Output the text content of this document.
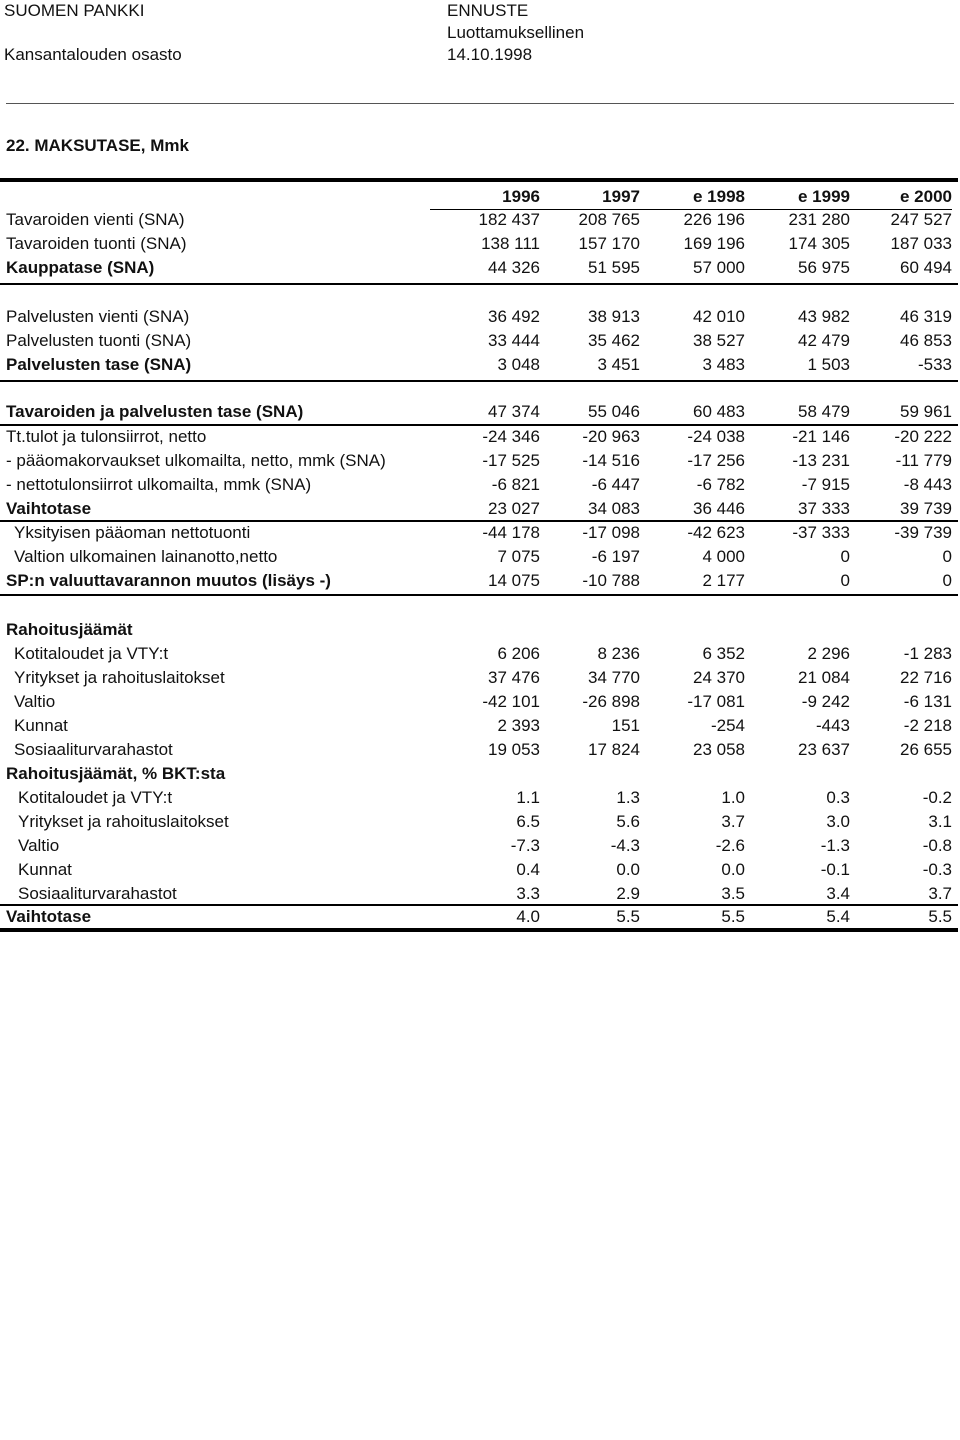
SUOMEN PANKKI
Kansantalouden osasto
ENNUSTE
Luottamuksellinen
14.10.1998
22. MAKSUTASE, Mmk
1996	1997	e 1998	e 1999	e 2000
Tavaroiden vienti (SNA)	182 437	208 765	226 196	231 280	247 527
Tavaroiden tuonti (SNA)	138 111	157 170	169 196	174 305	187 033
Kauppatase (SNA)	44 326	51 595	57 000	56 975	60 494
Palvelusten vienti (SNA)	36 492	38 913	42 010	43 982	46 319
Palvelusten tuonti (SNA)	33 444	35 462	38 527	42 479	46 853
Palvelusten tase (SNA)	3 048	3 451	3 483	1 503	-533
Tavaroiden ja palvelusten tase (SNA)	47 374	55 046	60 483	58 479	59 961
Tt.tulot ja tulonsiirrot, netto	-24 346	-20 963	-24 038	-21 146	-20 222
- pääomakorvaukset ulkomailta, netto, mmk (SNA)	-17 525	-14 516	-17 256	-13 231	-11 779
- nettotulonsiirrot ulkomailta, mmk (SNA)	-6 821	-6 447	-6 782	-7 915	-8 443
Vaihtotase	23 027	34 083	36 446	37 333	39 739
Yksityisen pääoman nettotuonti	-44 178	-17 098	-42 623	-37 333	-39 739
Valtion ulkomainen lainanotto,netto	7 075	-6 197	4 000	0	0
SP:n valuuttavarannon muutos (lisäys -)	14 075	-10 788	2 177	0	0
Rahoitusjäämät
Kotitaloudet ja VTY:t	6 206	8 236	6 352	2 296	-1 283
Yritykset ja rahoituslaitokset	37 476	34 770	24 370	21 084	22 716
Valtio	-42 101	-26 898	-17 081	-9 242	-6 131
Kunnat	2 393	151	-254	-443	-2 218
Sosiaaliturvarahastot	19 053	17 824	23 058	23 637	26 655
Rahoitusjäämät, % BKT:sta
Kotitaloudet ja VTY:t	1.1	1.3	1.0	0.3	-0.2
Yritykset ja rahoituslaitokset	6.5	5.6	3.7	3.0	3.1
Valtio	-7.3	-4.3	-2.6	-1.3	-0.8
Kunnat	0.4	0.0	0.0	-0.1	-0.3
Sosiaaliturvarahastot	3.3	2.9	3.5	3.4	3.7
Vaihtotase	4.0	5.5	5.5	5.4	5.5
